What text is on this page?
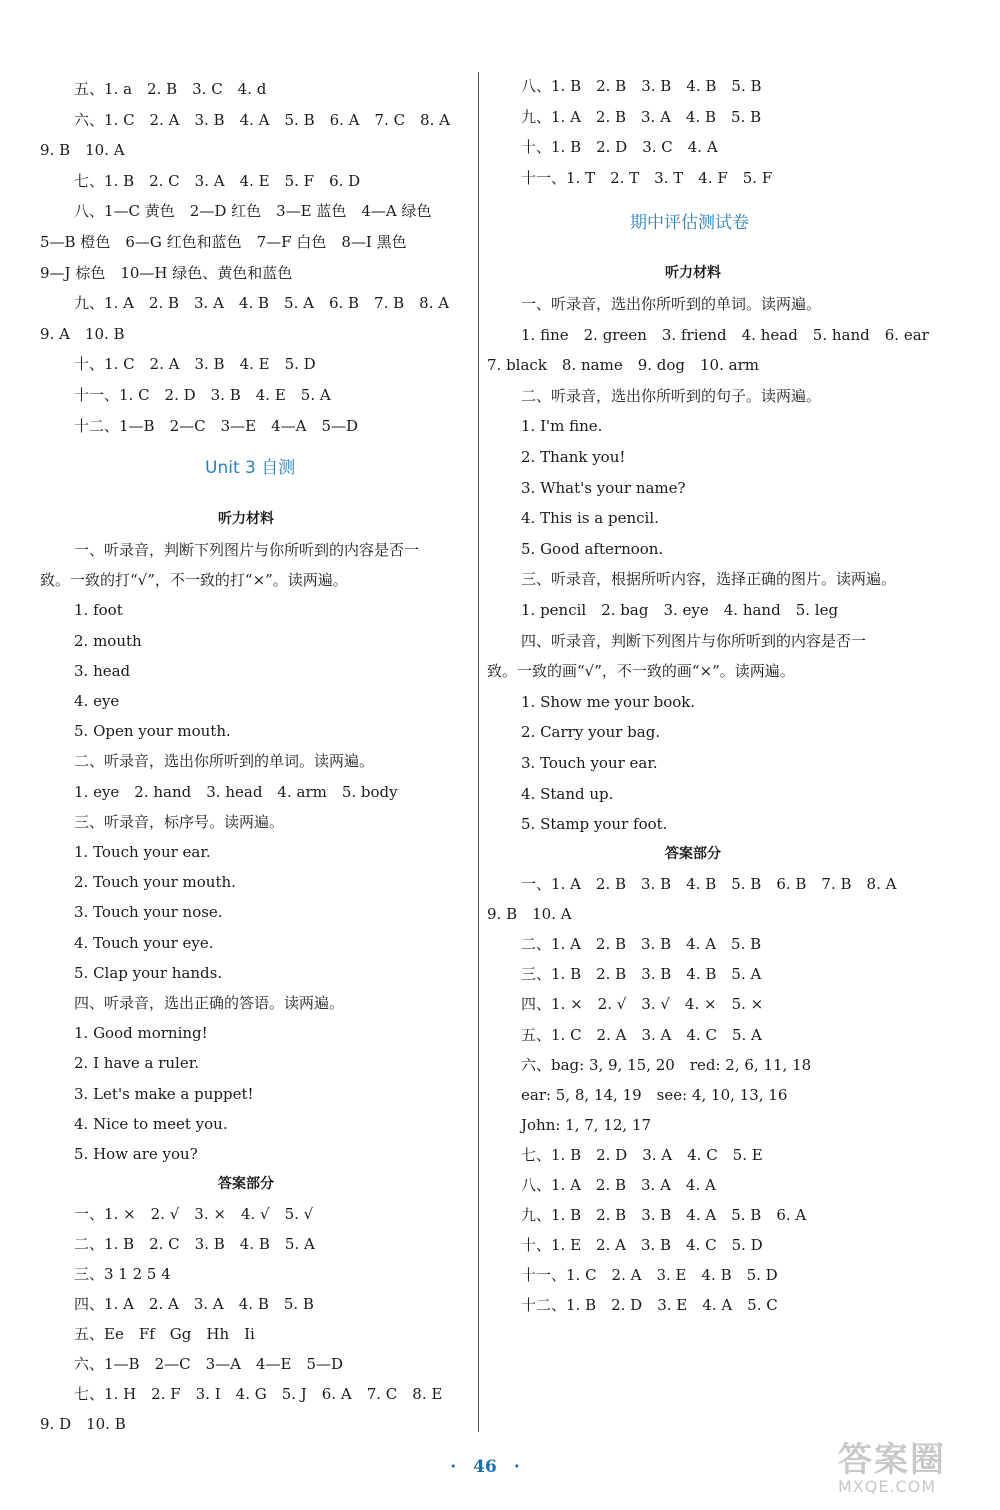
五、1. a　2. B　3. C　4. d
六、1. C　2. A　3. B　4. A　5. B　6. A　7. C　8. A
9. B　10. A
七、1. B　2. C　3. A　4. E　5. F　6. D
八、1—C 黄色　2—D 红色　3—E 蓝色　4—A 绿色
5—B 橙色　6—G 红色和蓝色　7—F 白色　8—I 黑色
9—J 棕色　10—H 绿色、黄色和蓝色
九、1. A　2. B　3. A　4. B　5. A　6. B　7. B　8. A
9. A　10. B
十、1. C　2. A　3. B　4. E　5. D
十一、1. C　2. D　3. B　4. E　5. A
十二、1—B　2—C　3—E　4—A　5—D
Unit 3 自测
听力材料
一、听录音，判断下列图片与你所听到的内容是否一
致。一致的打“√”，不一致的打“×”。读两遍。
1. foot
2. mouth
3. head
4. eye
5. Open your mouth.
二、听录音，选出你所听到的单词。读两遍。
1. eye　2. hand　3. head　4. arm　5. body
三、听录音，标序号。读两遍。
1. Touch your ear.
2. Touch your mouth.
3. Touch your nose.
4. Touch your eye.
5. Clap your hands.
四、听录音，选出正确的答语。读两遍。
1. Good morning!
2. I have a ruler.
3. Let's make a puppet!
4. Nice to meet you.
5. How are you?
答案部分
一、1. ×　2. √　3. ×　4. √　5. √
二、1. B　2. C　3. B　4. B　5. A
三、3 1 2 5 4
四、1. A　2. A　3. A　4. B　5. B
五、Ee　Ff　Gg　Hh　Ii
六、1—B　2—C　3—A　4—E　5—D
七、1. H　2. F　3. I　4. G　5. J　6. A　7. C　8. E
9. D　10. B
八、1. B　2. B　3. B　4. B　5. B
九、1. A　2. B　3. A　4. B　5. B
十、1. B　2. D　3. C　4. A
十一、1. T　2. T　3. T　4. F　5. F
期中评估测试卷
听力材料
一、听录音，选出你所听到的单词。读两遍。
1. fine　2. green　3. friend　4. head　5. hand　6. ear
7. black　8. name　9. dog　10. arm
二、听录音，选出你所听到的句子。读两遍。
1. I'm fine.
2. Thank you!
3. What's your name?
4. This is a pencil.
5. Good afternoon.
三、听录音，根据所听内容，选择正确的图片。读两遍。
1. pencil　2. bag　3. eye　4. hand　5. leg
四、听录音，判断下列图片与你所听到的内容是否一
致。一致的画“√”，不一致的画“×”。读两遍。
1. Show me your book.
2. Carry your bag.
3. Touch your ear.
4. Stand up.
5. Stamp your foot.
答案部分
一、1. A　2. B　3. B　4. B　5. B　6. B　7. B　8. A
9. B　10. A
二、1. A　2. B　3. B　4. A　5. B
三、1. B　2. B　3. B　4. B　5. A
四、1. ×　2. √　3. √　4. ×　5. ×
五、1. C　2. A　3. A　4. C　5. A
六、bag: 3, 9, 15, 20　red: 2, 6, 11, 18
ear: 5, 8, 14, 19　see: 4, 10, 13, 16
John: 1, 7, 12, 17
七、1. B　2. D　3. A　4. C　5. E
八、1. A　2. B　3. A　4. A
九、1. B　2. B　3. B　4. A　5. B　6. A
十、1. E　2. A　3. B　4. C　5. D
十一、1. C　2. A　3. E　4. B　5. D
十二、1. B　2. D　3. E　4. A　5. C
·　46　·	答案圈
MXQE.COM
